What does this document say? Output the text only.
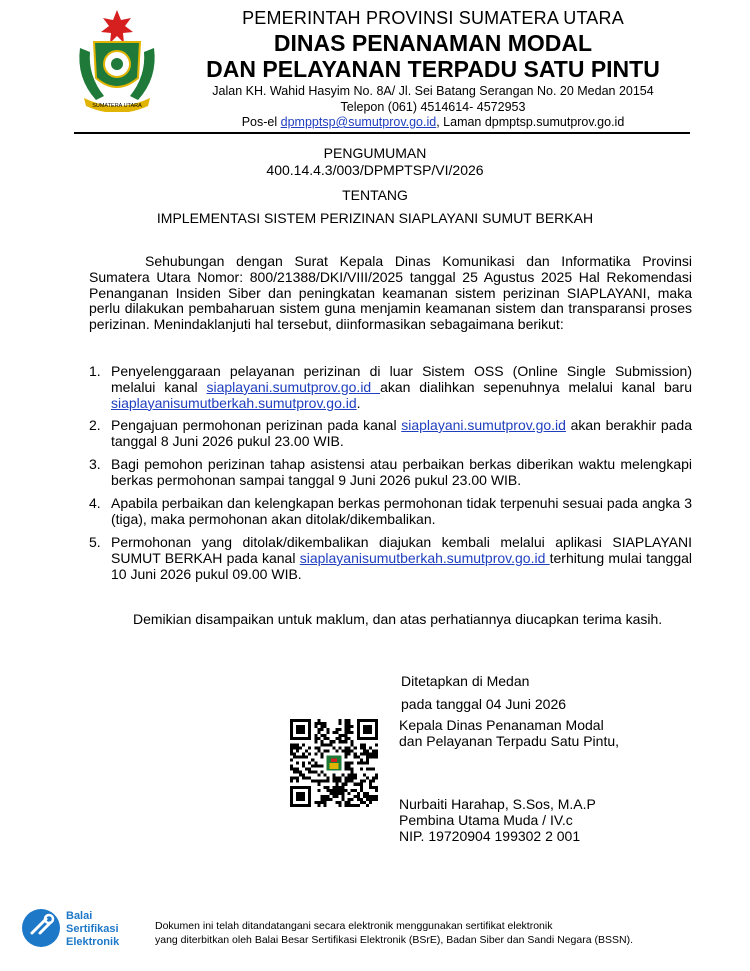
SUMATERA UTARA
PEMERINTAH PROVINSI SUMATERA UTARA
DINAS PENANAMAN MODAL
DAN PELAYANAN TERPADU SATU PINTU
Jalan KH. Wahid Hasyim No. 8A/ Jl. Sei Batang Serangan No. 20 Medan 20154
Telepon (061) 4514614- 4572953
Pos-el dpmpptsp@sumutprov.go.id, Laman dpmptsp.sumutprov.go.id
PENGUMUMAN
400.14.4.3/003/DPMPTSP/VI/2026
TENTANG
IMPLEMENTASI SISTEM PERIZINAN SIAPLAYANI SUMUT BERKAH
Sehubungan dengan Surat Kepala Dinas Komunikasi dan Informatika Provinsi Sumatera Utara Nomor: 800/21388/DKI/VIII/2025 tanggal 25 Agustus 2025 Hal Rekomendasi Penanganan Insiden Siber dan peningkatan keamanan sistem perizinan SIAPLAYANI, maka perlu dilakukan pembaharuan sistem guna menjamin keamanan sistem dan transparansi proses perizinan. Menindaklanjuti hal tersebut, diinformasikan sebagaimana berikut:
1. Penyelenggaraan pelayanan perizinan di luar Sistem OSS (Online Single Submission) melalui kanal siaplayani.sumutprov.go.id akan dialihkan sepenuhnya melalui kanal baru siaplayanisumutberkah.sumutprov.go.id.
2. Pengajuan permohonan perizinan pada kanal siaplayani.sumutprov.go.id akan berakhir pada tanggal 8 Juni 2026 pukul 23.00 WIB.
3. Bagi pemohon perizinan tahap asistensi atau perbaikan berkas diberikan waktu melengkapi berkas permohonan sampai tanggal 9 Juni 2026 pukul 23.00 WIB.
4. Apabila perbaikan dan kelengkapan berkas permohonan tidak terpenuhi sesuai pada angka 3 (tiga), maka permohonan akan ditolak/dikembalikan.
5. Permohonan yang ditolak/dikembalikan diajukan kembali melalui aplikasi SIAPLAYANI SUMUT BERKAH pada kanal siaplayanisumutberkah.sumutprov.go.id terhitung mulai tanggal 10 Juni 2026 pukul 09.00 WIB.
Demikian disampaikan untuk maklum, dan atas perhatiannya diucapkan terima kasih.
Ditetapkan di Medan
pada tanggal 04 Juni 2026
Kepala Dinas Penanaman Modal
dan Pelayanan Terpadu Satu Pintu,
Nurbaiti Harahap, S.Sos, M.A.P
Pembina Utama Muda / IV.c
NIP. 19720904 199302 2 001
Balai
Sertifikasi
Elektronik
Dokumen ini telah ditandatangani secara elektronik menggunakan sertifikat elektronik
yang diterbitkan oleh Balai Besar Sertifikasi Elektronik (BSrE), Badan Siber dan Sandi Negara (BSSN).
